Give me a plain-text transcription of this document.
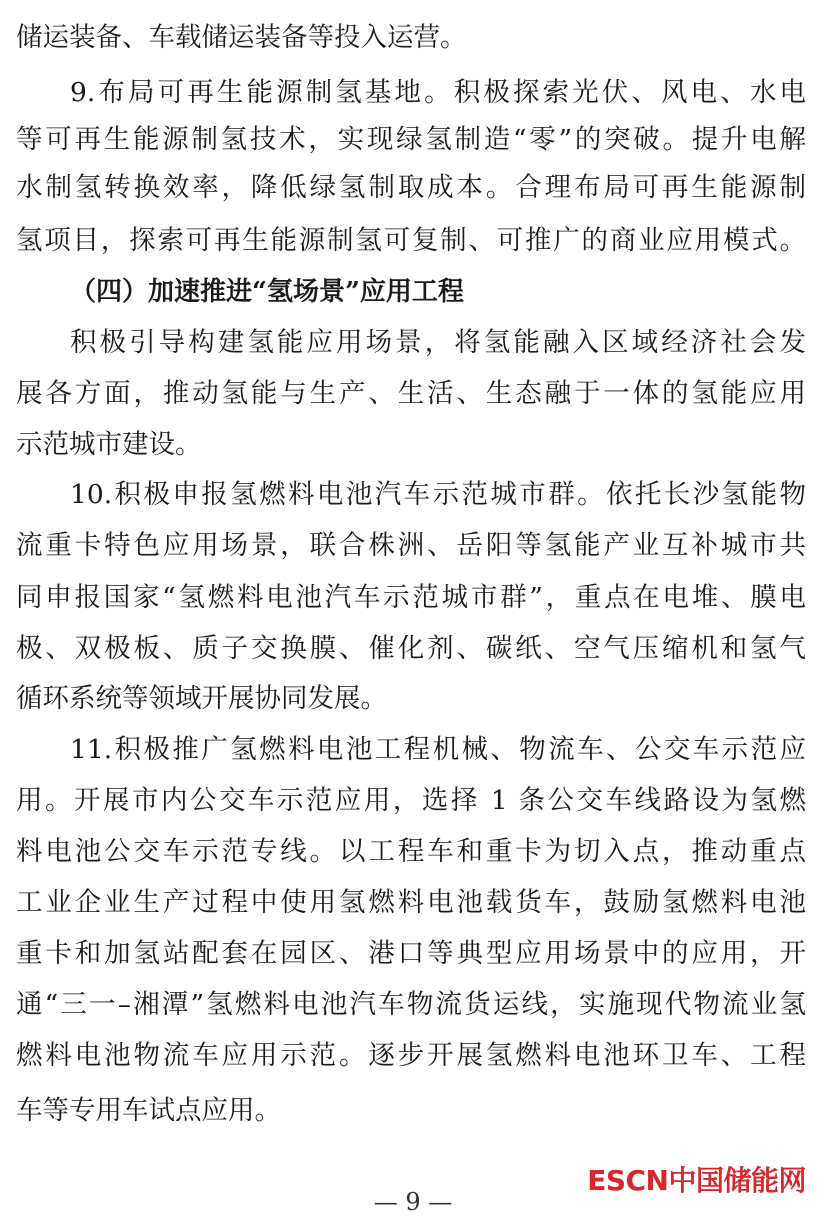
储运装备、车载储运装备等投入运营。
9.布局可再生能源制氢基地。积极探索光伏、风电、水电
等可再生能源制氢技术，实现绿氢制造“零”的突破。提升电解
水制氢转换效率，降低绿氢制取成本。合理布局可再生能源制
氢项目，探索可再生能源制氢可复制、可推广的商业应用模式。
（四）加速推进“氢场景”应用工程
积极引导构建氢能应用场景，将氢能融入区域经济社会发
展各方面，推动氢能与生产、生活、生态融于一体的氢能应用
示范城市建设。
10.积极申报氢燃料电池汽车示范城市群。依托长沙氢能物
流重卡特色应用场景，联合株洲、岳阳等氢能产业互补城市共
同申报国家“氢燃料电池汽车示范城市群”，重点在电堆、膜电
极、双极板、质子交换膜、催化剂、碳纸、空气压缩机和氢气
循环系统等领域开展协同发展。
11.积极推广氢燃料电池工程机械、物流车、公交车示范应
用。开展市内公交车示范应用，选择 1 条公交车线路设为氢燃
料电池公交车示范专线。以工程车和重卡为切入点，推动重点
工业企业生产过程中使用氢燃料电池载货车，鼓励氢燃料电池
重卡和加氢站配套在园区、港口等典型应用场景中的应用，开
通“三一–湘潭”氢燃料电池汽车物流货运线，实施现代物流业氢
燃料电池物流车应用示范。逐步开展氢燃料电池环卫车、工程
车等专用车试点应用。
— 9 —
ESCN中国储能网
